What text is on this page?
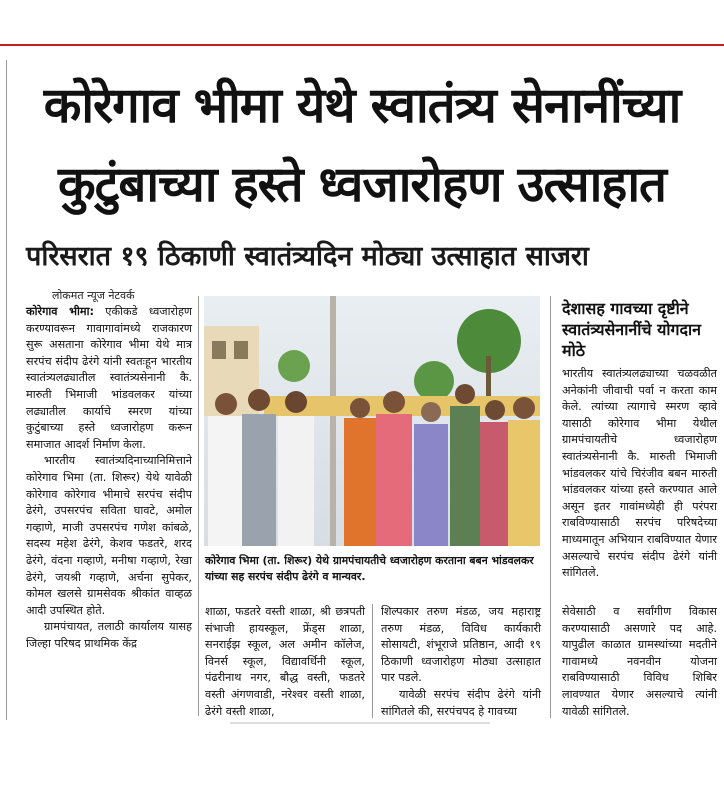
कोरेगाव भीमा येथे स्वातंत्र्य सेनानींच्या
कुटुंबाच्या हस्ते ध्वजारोहण उत्साहात
परिसरात १९ ठिकाणी स्वातंत्र्यदिन मोठ्या उत्साहात साजरा
लोकमत न्यूज नेटवर्क

कोरेगाव भीमा: एकीकडे ध्वजारोहण करण्यावरून गावागावांमध्ये राजकारण सुरू असताना कोरेगाव भीमा येथे मात्र सरपंच संदीप ढेरंगे यांनी स्वतःहून भारतीय स्वातंत्र्यलढ्यातील स्वातंत्र्यसेनानी कै. मारुती भिमाजी भांडवलकर यांच्या लढ्यातील कार्याचे स्मरण यांच्या कुटुंबाच्या हस्ते ध्वजारोहण करून समाजात आदर्श निर्माण केला.

भारतीय स्वातंत्र्यदिनाच्यानिमित्ताने कोरेगाव भिमा (ता. शिरूर) येथे यावेळी कोरेगाव कोरेगाव भीमाचे सरपंच संदीप ढेरंगे, उपसरपंच सविता घावटे, अमोल गव्हाणे, माजी उपसरपंच गणेश कांबळे, सदस्य महेश ढेरंगे, केशव फडतरे, शरद ढेरंगे, वंदना गव्हाणे, मनीषा गव्हाणे, रेखा ढेरंगे, जयश्री गव्हाणे, अर्चना सुपेकर, कोमल खलसे ग्रामसेवक श्रीकांत वाव्हळ आदी उपस्थित होते.

ग्रामपंचायत, तलाठी कार्यालय यासह जिल्हा परिषद प्राथमिक केंद्र

कोरेगाव भिमा (ता. शिरूर) येथे ग्रामपंचायतीचे ध्वजारोहण करताना बबन भांडवलकर यांच्या सह सरपंच संदीप ढेरंगे व मान्यवर.

शाळा, फडतरे वस्ती शाळा, श्री छत्रपती संभाजी हायस्कूल, फ्रेंड्स शाळा, सनराईझ स्कूल, अल अमीन कॉलेज, विनर्स स्कूल, विद्यावर्धिनी स्कूल, पंढरीनाथ नगर, बौद्ध वस्ती, फडतरे वस्ती अंगणवाडी, नरेश्वर वस्ती शाळा, ढेरंगे वस्ती शाळा,

शिल्पकार तरुण मंडळ, जय महाराष्ट्र तरुण मंडळ, विविध कार्यकारी सोसायटी, शंभूराजे प्रतिष्ठान, आदी १९ ठिकाणी ध्वजारोहण मोठ्या उत्साहात पार पडले.

यावेळी सरपंच संदीप ढेरंगे यांनी सांगितले की, सरपंचपद हे गावच्या

देशासह गावच्या दृष्टीने स्वातंत्र्यसेनानींचे योगदान मोठे

भारतीय स्वातंत्र्यलढ्याच्या चळवळीत अनेकांनी जीवाची पर्वा न करता काम केले. त्यांच्या त्यागाचे स्मरण व्हावे यासाठी कोरेगाव भीमा येथील ग्रामपंचायतीचे ध्वजारोहण स्वातंत्र्यसेनानी कै. मारुती भिमाजी भांडवलकर यांचे चिरंजीव बबन मारुती भांडवलकर यांच्या हस्ते करण्यात आले असून इतर गावांमध्येही ही परंपरा राबविण्यासाठी सरपंच परिषदेच्या माध्यमातून अभियान राबविण्यात येणार असल्याचे सरपंच संदीप ढेरंगे यांनी सांगितले.

सेवेसाठी व सर्वांगीण विकास करण्यासाठी असणारे पद आहे. यापुढील काळात ग्रामस्थांच्या मदतीने गावामध्ये नवनवीन योजना राबविण्यासाठी विविध शिबिर लावण्यात येणार असल्याचे त्यांनी यावेळी सांगितले.
